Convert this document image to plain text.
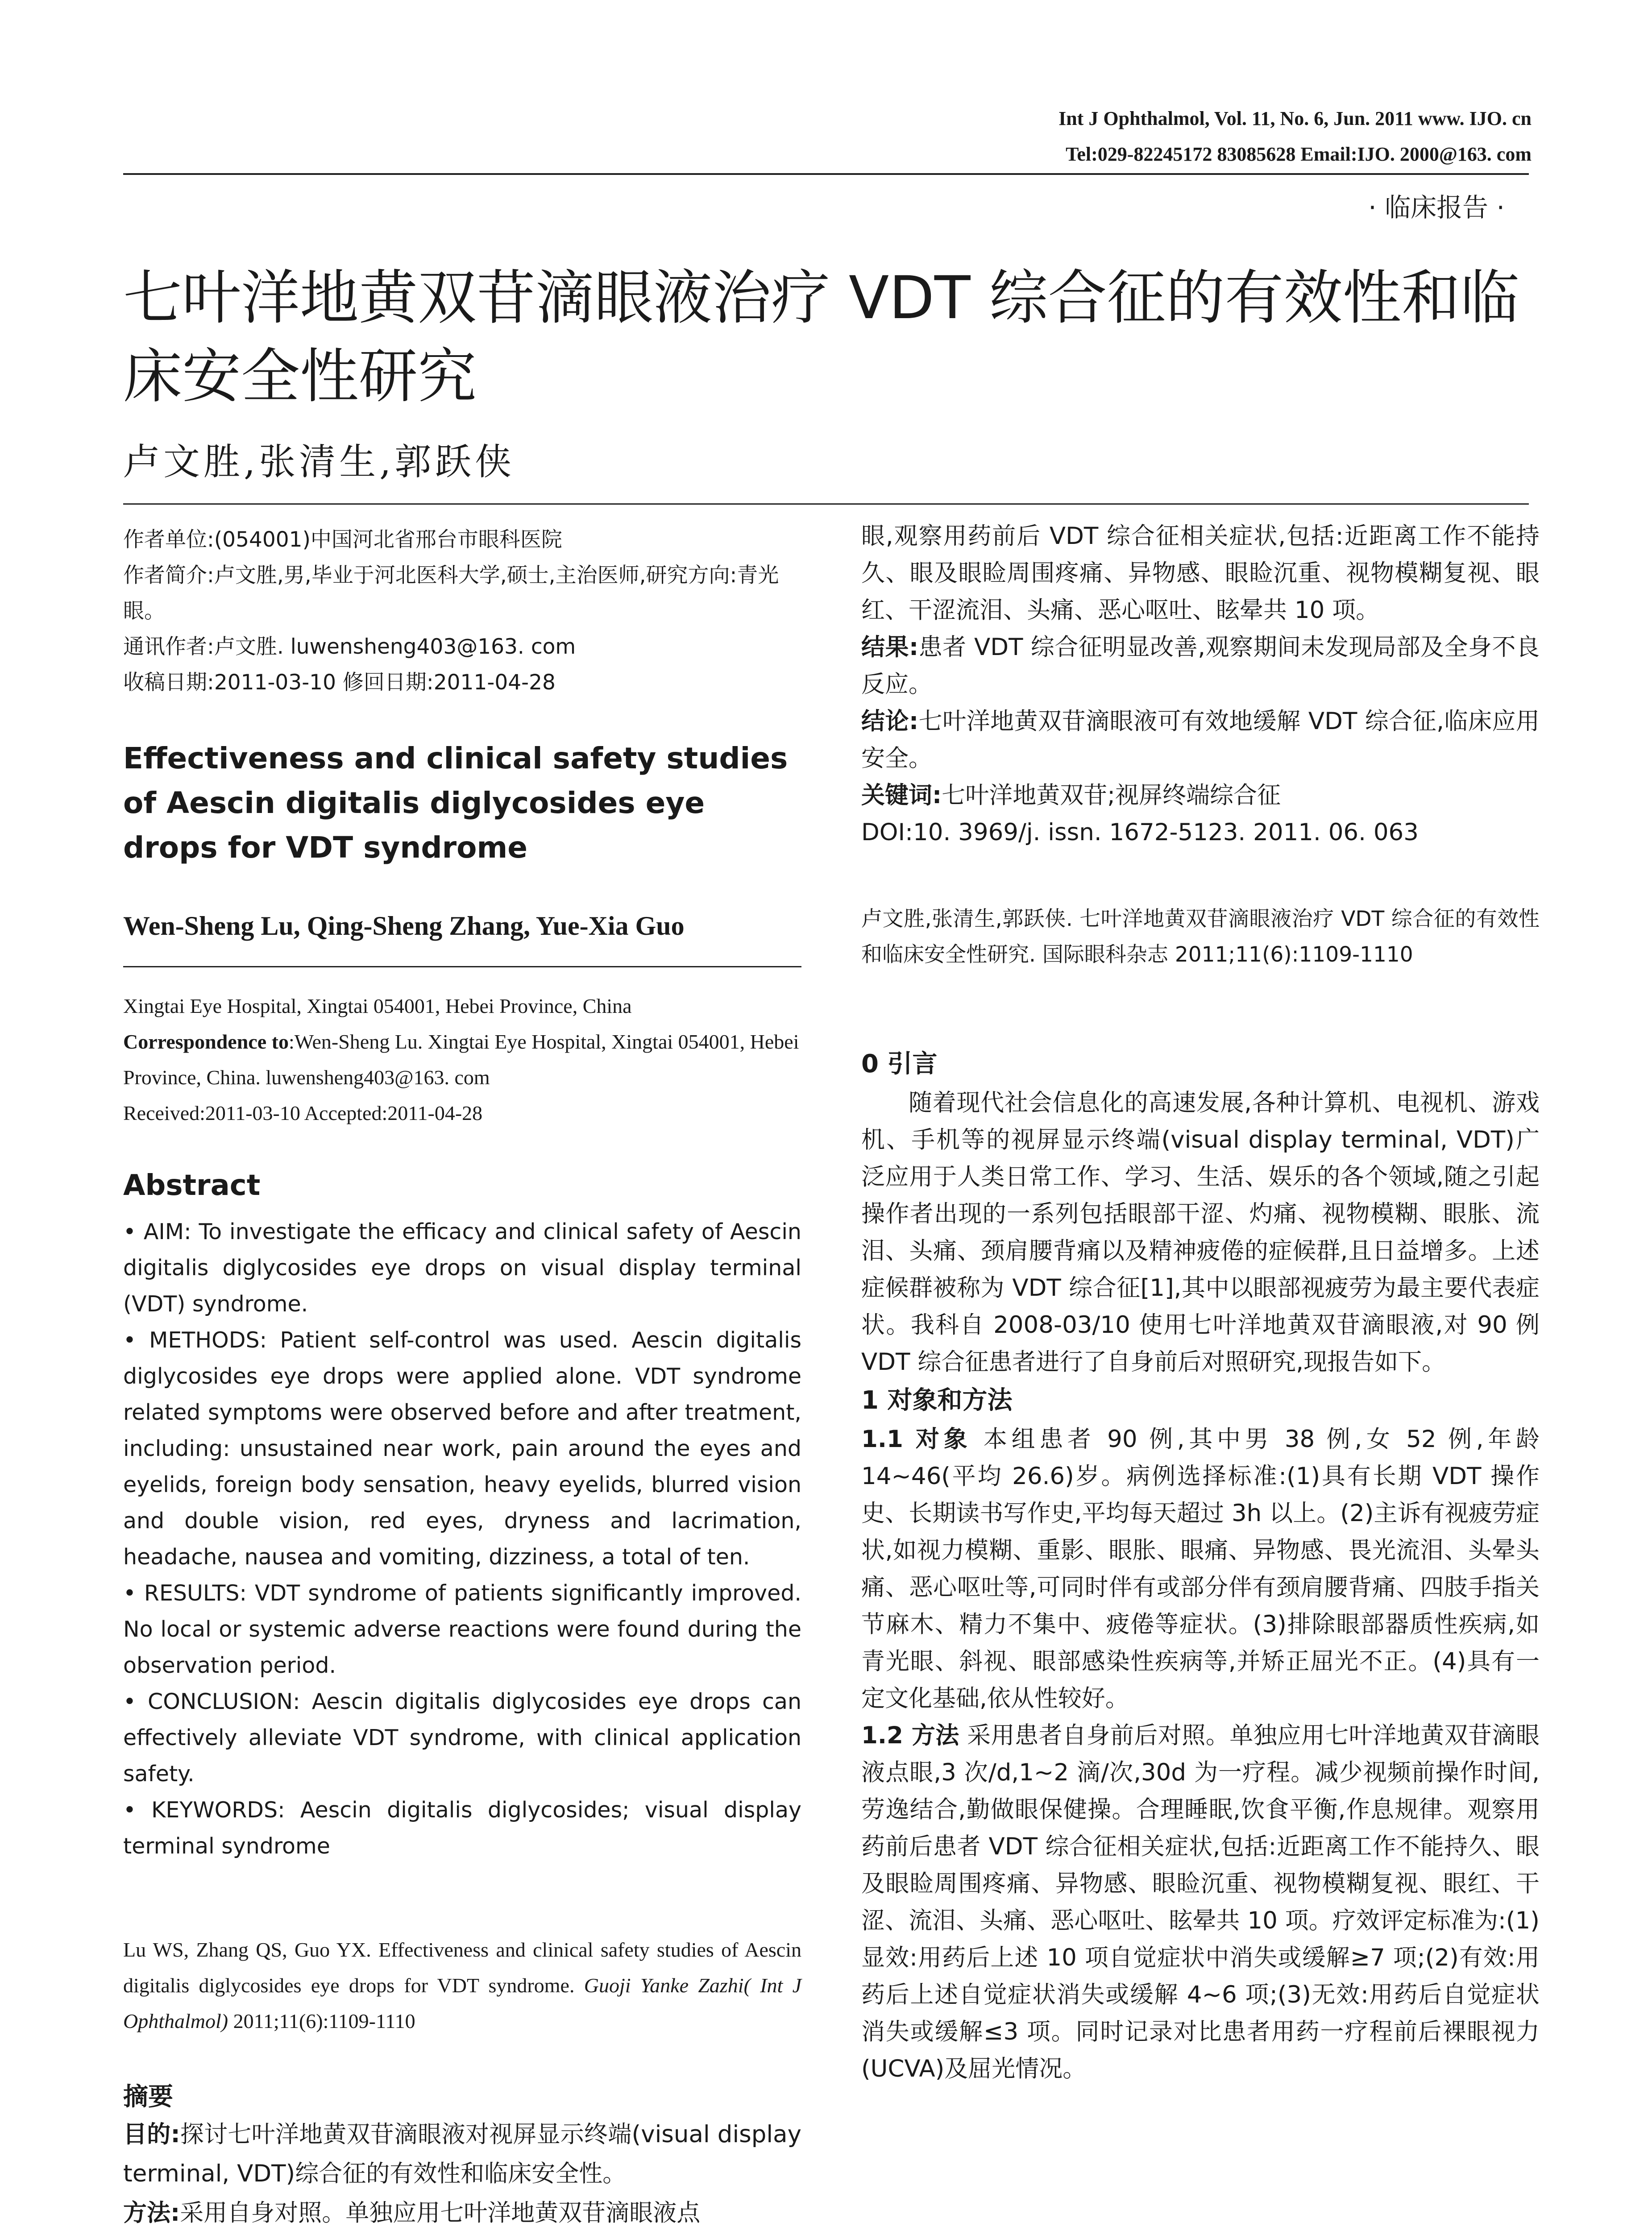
Int J Ophthalmol, Vol. 11, No. 6, Jun. 2011 www. IJO. cn
Tel:029-82245172 83085628 Email:IJO. 2000@163. com
· 临床报告 ·
七叶洋地黄双苷滴眼液治疗 VDT 综合征的有效性和临床安全性研究
卢文胜,张清生,郭跃侠
作者单位:(054001)中国河北省邢台市眼科医院
作者简介:卢文胜,男,毕业于河北医科大学,硕士,主治医师,研究方向:青光眼。
通讯作者:卢文胜. luwensheng403@163. com
收稿日期:2011-03-10 修回日期:2011-04-28
Effectiveness and clinical safety studies of Aescin digitalis diglycosides eye drops for VDT syndrome
Wen-Sheng Lu, Qing-Sheng Zhang, Yue-Xia Guo
Xingtai Eye Hospital, Xingtai 054001, Hebei Province, China
Correspondence to:Wen-Sheng Lu. Xingtai Eye Hospital, Xingtai 054001, Hebei Province, China. luwensheng403@163. com
Received:2011-03-10 Accepted:2011-04-28
Abstract

• AIM: To investigate the efficacy and clinical safety of Aescin digitalis diglycosides eye drops on visual display terminal (VDT) syndrome.

• METHODS: Patient self-control was used. Aescin digitalis diglycosides eye drops were applied alone. VDT syndrome related symptoms were observed before and after treatment, including: unsustained near work, pain around the eyes and eyelids, foreign body sensation, heavy eyelids, blurred vision and double vision, red eyes, dryness and lacrimation, headache, nausea and vomiting, dizziness, a total of ten.

• RESULTS: VDT syndrome of patients significantly improved. No local or systemic adverse reactions were found during the observation period.

• CONCLUSION: Aescin digitalis diglycosides eye drops can effectively alleviate VDT syndrome, with clinical application safety.

• KEYWORDS: Aescin digitalis diglycosides; visual display terminal syndrome

Lu WS, Zhang QS, Guo YX. Effectiveness and clinical safety studies of Aescin digitalis diglycosides eye drops for VDT syndrome. Guoji Yanke Zazhi( Int J Ophthalmol) 2011;11(6):1109-1110

摘要

目的:探讨七叶洋地黄双苷滴眼液对视屏显示终端(visual display terminal, VDT)综合征的有效性和临床安全性。

方法:采用自身对照。单独应用七叶洋地黄双苷滴眼液点

眼,观察用药前后 VDT 综合征相关症状,包括:近距离工作不能持久、眼及眼睑周围疼痛、异物感、眼睑沉重、视物模糊复视、眼红、干涩流泪、头痛、恶心呕吐、眩晕共 10 项。

结果:患者 VDT 综合征明显改善,观察期间未发现局部及全身不良反应。

结论:七叶洋地黄双苷滴眼液可有效地缓解 VDT 综合征,临床应用安全。

关键词:七叶洋地黄双苷;视屏终端综合征

DOI:10. 3969/j. issn. 1672-5123. 2011. 06. 063

卢文胜,张清生,郭跃侠. 七叶洋地黄双苷滴眼液治疗 VDT 综合征的有效性和临床安全性研究. 国际眼科杂志 2011;11(6):1109-1110

0 引言

随着现代社会信息化的高速发展,各种计算机、电视机、游戏机、手机等的视屏显示终端(visual display terminal, VDT)广泛应用于人类日常工作、学习、生活、娱乐的各个领域,随之引起操作者出现的一系列包括眼部干涩、灼痛、视物模糊、眼胀、流泪、头痛、颈肩腰背痛以及精神疲倦的症候群,且日益增多。上述症候群被称为 VDT 综合征[1],其中以眼部视疲劳为最主要代表症状。我科自 2008-03/10 使用七叶洋地黄双苷滴眼液,对 90 例 VDT 综合征患者进行了自身前后对照研究,现报告如下。

1 对象和方法

1.1 对象 本组患者 90 例,其中男 38 例,女 52 例,年龄 14~46(平均 26.6)岁。病例选择标准:(1)具有长期 VDT 操作史、长期读书写作史,平均每天超过 3h 以上。(2)主诉有视疲劳症状,如视力模糊、重影、眼胀、眼痛、异物感、畏光流泪、头晕头痛、恶心呕吐等,可同时伴有或部分伴有颈肩腰背痛、四肢手指关节麻木、精力不集中、疲倦等症状。(3)排除眼部器质性疾病,如青光眼、斜视、眼部感染性疾病等,并矫正屈光不正。(4)具有一定文化基础,依从性较好。

1.2 方法 采用患者自身前后对照。单独应用七叶洋地黄双苷滴眼液点眼,3 次/d,1~2 滴/次,30d 为一疗程。减少视频前操作时间,劳逸结合,勤做眼保健操。合理睡眠,饮食平衡,作息规律。观察用药前后患者 VDT 综合征相关症状,包括:近距离工作不能持久、眼及眼睑周围疼痛、异物感、眼睑沉重、视物模糊复视、眼红、干涩、流泪、头痛、恶心呕吐、眩晕共 10 项。疗效评定标准为:(1)显效:用药后上述 10 项自觉症状中消失或缓解≥7 项;(2)有效:用药后上述自觉症状消失或缓解 4~6 项;(3)无效:用药后自觉症状消失或缓解≤3 项。同时记录对比患者用药一疗程前后裸眼视力(UCVA)及屈光情况。
